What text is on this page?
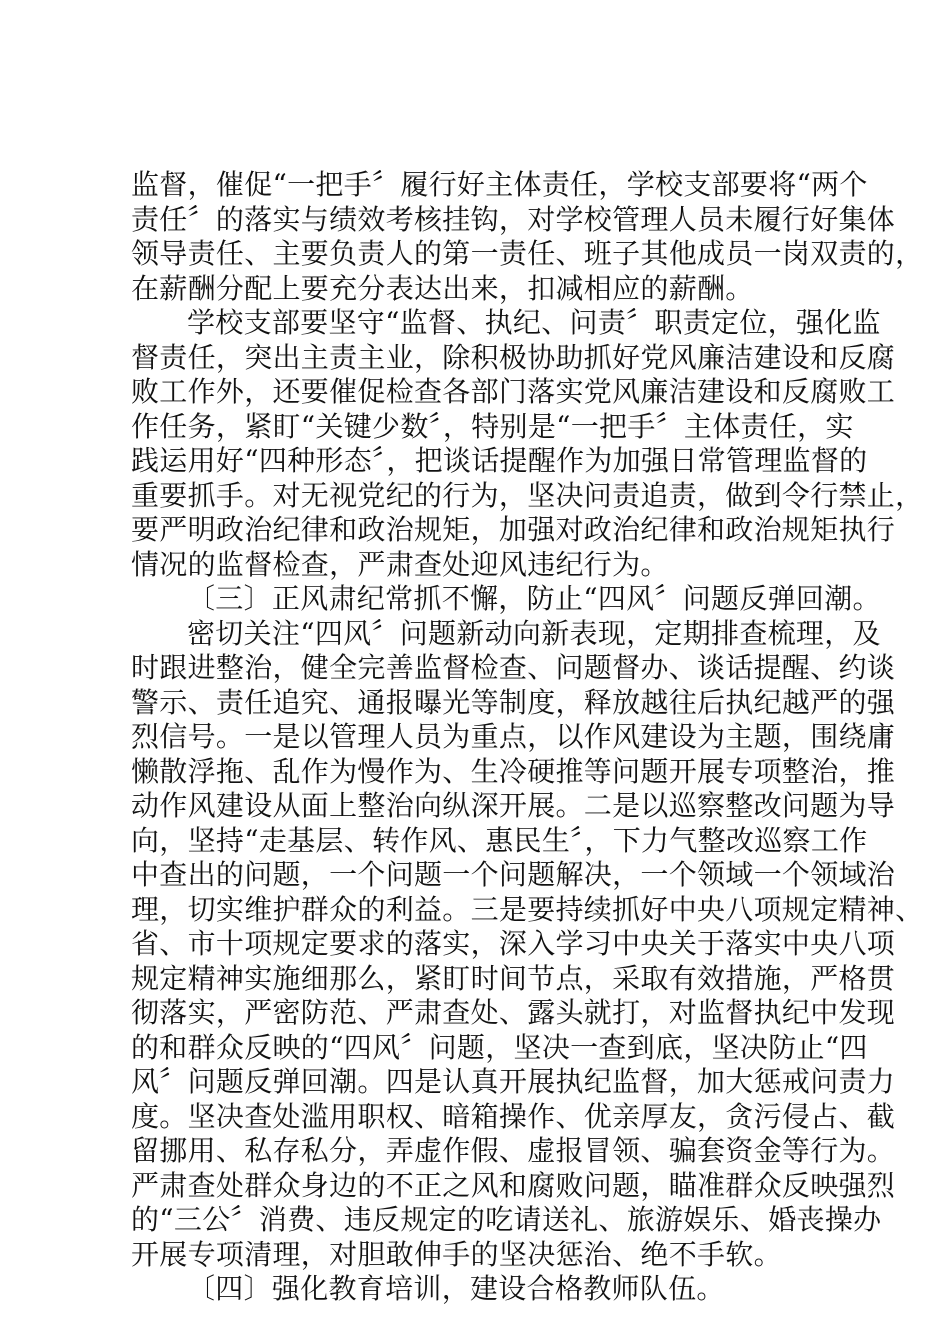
监督，催促“一把手〞履行好主体责任，学校支部要将“两个
责任〞的落实与绩效考核挂钩，对学校管理人员未履行好集体
领导责任、主要负责人的第一责任、班子其他成员一岗双责的，
在薪酬分配上要充分表达出来，扣减相应的薪酬。
学校支部要坚守“监督、执纪、问责〞职责定位，强化监
督责任，突出主责主业，除积极协助抓好党风廉洁建设和反腐
败工作外，还要催促检查各部门落实党风廉洁建设和反腐败工
作任务，紧盯“关键少数〞，特别是“一把手〞主体责任，实
践运用好“四种形态〞，把谈话提醒作为加强日常管理监督的
重要抓手。对无视党纪的行为，坚决问责追责，做到令行禁止，
要严明政治纪律和政治规矩，加强对政治纪律和政治规矩执行
情况的监督检查，严肃查处迎风违纪行为。
〔三〕正风肃纪常抓不懈，防止“四风〞问题反弹回潮。
密切关注“四风〞问题新动向新表现，定期排查梳理，及
时跟进整治，健全完善监督检查、问题督办、谈话提醒、约谈
警示、责任追究、通报曝光等制度，释放越往后执纪越严的强
烈信号。一是以管理人员为重点，以作风建设为主题，围绕庸
懒散浮拖、乱作为慢作为、生冷硬推等问题开展专项整治，推
动作风建设从面上整治向纵深开展。二是以巡察整改问题为导
向，坚持“走基层、转作风、惠民生〞，下力气整改巡察工作
中查出的问题，一个问题一个问题解决，一个领域一个领域治
理，切实维护群众的利益。三是要持续抓好中央八项规定精神、
省、市十项规定要求的落实，深入学习中央关于落实中央八项
规定精神实施细那么，紧盯时间节点，采取有效措施，严格贯
彻落实，严密防范、严肃查处、露头就打，对监督执纪中发现
的和群众反映的“四风〞问题，坚决一查到底，坚决防止“四
风〞问题反弹回潮。四是认真开展执纪监督，加大惩戒问责力
度。坚决查处滥用职权、暗箱操作、优亲厚友，贪污侵占、截
留挪用、私存私分，弄虚作假、虚报冒领、骗套资金等行为。
严肃查处群众身边的不正之风和腐败问题，瞄准群众反映强烈
的“三公〞消费、违反规定的吃请送礼、旅游娱乐、婚丧操办
开展专项清理，对胆敢伸手的坚决惩治、绝不手软。
〔四〕强化教育培训，建设合格教师队伍。
